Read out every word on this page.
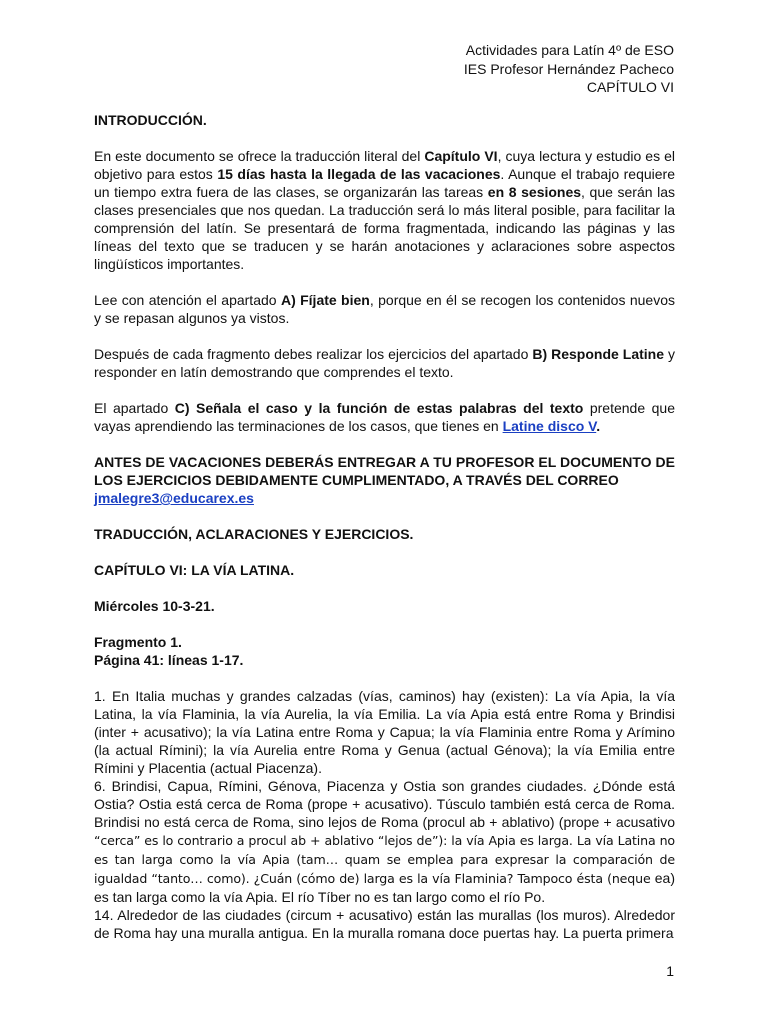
Actividades para Latín 4º de ESO
IES Profesor Hernández Pacheco
CAPÍTULO VI

INTRODUCCIÓN.

En este documento se ofrece la traducción literal del Capítulo VI, cuya lectura y estudio es el objetivo para estos 15 días hasta la llegada de las vacaciones. Aunque el trabajo requiere un tiempo extra fuera de las clases, se organizarán las tareas en 8 sesiones, que serán las clases presenciales que nos quedan. La traducción será lo más literal posible, para facilitar la comprensión del latín. Se presentará de forma fragmentada, indicando las páginas y las líneas del texto que se traducen y se harán anotaciones y aclaraciones sobre aspectos lingüísticos importantes.

Lee con atención el apartado A) Fíjate bien, porque en él se recogen los contenidos nuevos y se repasan algunos ya vistos.

Después de cada fragmento debes realizar los ejercicios del apartado B) Responde Latine y responder en latín demostrando que comprendes el texto.

El apartado C) Señala el caso y la función de estas palabras del texto pretende que vayas aprendiendo las terminaciones de los casos, que tienes en Latine disco V.

ANTES DE VACACIONES DEBERÁS ENTREGAR A TU PROFESOR EL DOCUMENTO DE LOS EJERCICIOS DEBIDAMENTE CUMPLIMENTADO, A TRAVÉS DEL CORREO
jmalegre3@educarex.es

TRADUCCIÓN, ACLARACIONES Y EJERCICIOS.

CAPÍTULO VI: LA VÍA LATINA.

Miércoles 10-3-21.

Fragmento 1.

Página 41: líneas 1-17.

1. En Italia muchas y grandes calzadas (vías, caminos) hay (existen): La vía Apia, la vía Latina, la vía Flaminia, la vía Aurelia, la vía Emilia. La vía Apia está entre Roma y Brindisi (inter + acusativo); la vía Latina entre Roma y Capua; la vía Flaminia entre Roma y Arímino (la actual Rímini); la vía Aurelia entre Roma y Genua (actual Génova); la vía Emilia entre Rímini y Placentia (actual Piacenza).

6. Brindisi, Capua, Rímini, Génova, Piacenza y Ostia son grandes ciudades. ¿Dónde está Ostia? Ostia está cerca de Roma (prope + acusativo). Túsculo también está cerca de Roma. Brindisi no está cerca de Roma, sino lejos de Roma (procul ab + ablativo) (prope + acusativo “cerca” es lo contrario a procul ab + ablativo “lejos de”): la vía Apia es larga. La vía Latina no es tan larga como la vía Apia (tam… quam se emplea para expresar la comparación de igualdad “tanto… como). ¿Cuán (cómo de) larga es la vía Flaminia? Tampoco ésta (neque ea) es tan larga como la vía Apia. El río Tíber no es tan largo como el río Po.

14. Alrededor de las ciudades (circum + acusativo) están las murallas (los muros). Alrededor de Roma hay una muralla antigua. En la muralla romana doce puertas hay. La puerta primera

1
